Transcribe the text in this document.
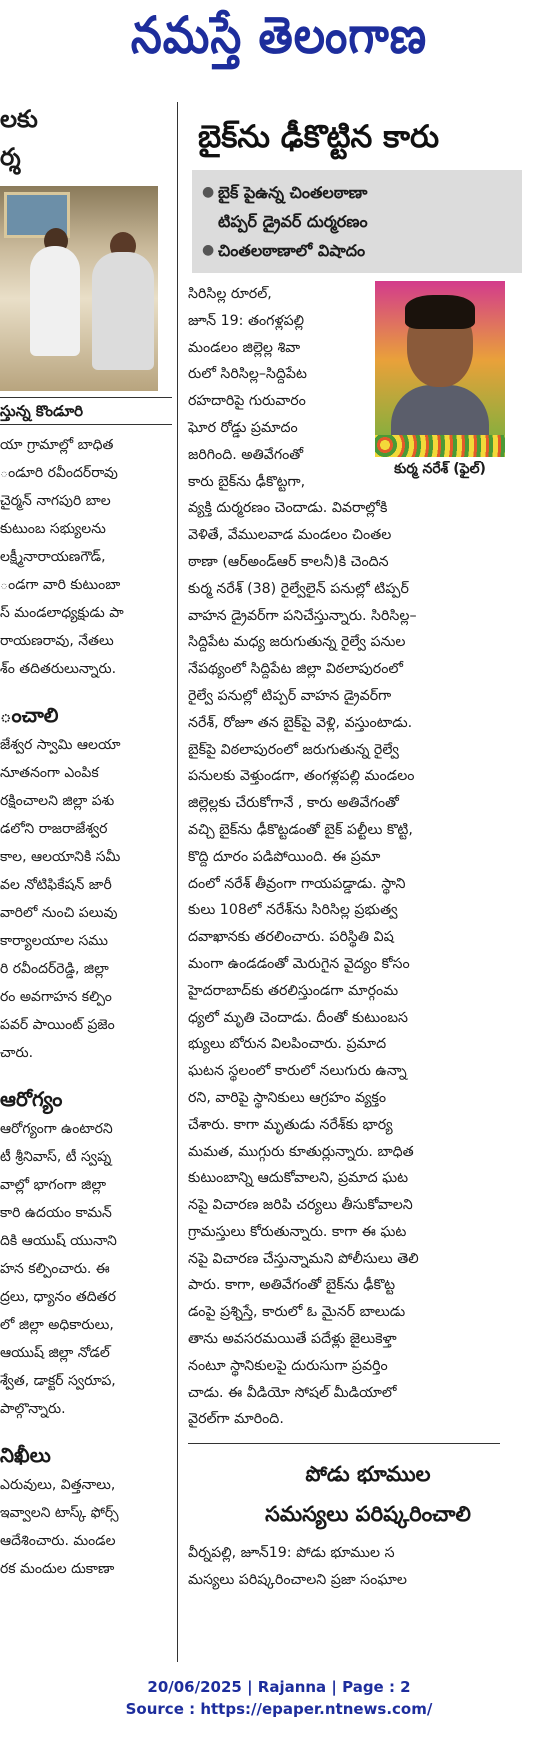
నమస్తే తెలంగాణ

లకు

ర్శ

స్తున్న కొండూరి

యా గ్రామాల్లో బాధిత

ండూరి రవీందర్‌రావు

చైర్మన్ నాగపురి బాల

కుటుంబ సభ్యులను

లక్ష్మీనారాయణగౌడ్,

ండగా వారి కుటుంబా

స్ మండలాధ్యక్షుడు పా

రాయణరావు, నేతలు

శ్‌ం తదితరులున్నారు.

ంచాలి

జేశ్వర స్వామి ఆలయా

నూతనంగా ఎంపిక

రక్షించాలని జిల్లా పశు

డలోని రాజరాజేశ్వర

కాల, ఆలయానికి సమీ

వల నోటిఫికేషన్ జారీ

వారిలో నుంచి పలువు

కార్యాలయాల సము

రి రవీందర్‌రెడ్డి, జిల్లా

రం అవగాహన కల్పిం

పవర్ పాయింట్ ప్రజెం

చారు.

ఆరోగ్యం

ఆరోగ్యంగా ఉంటారని

టీ శ్రీనివాస్, టీ స్వప్న

వాల్లో భాగంగా జిల్లా

కారి ఉదయం కామన్

దికి ఆయుష్ యునాని

హన కల్పించారు. ఈ

ద్రలు, ధ్యానం తదితర

లో జిల్లా అధికారులు,

ఆయుష్ జిల్లా నోడల్

శ్వేత, డాక్టర్ స్వరూప,

పాల్గొన్నారు.

నిఖీలు

ఎరువులు, విత్తనాలు,

ఇవ్వాలని టాస్క్ ఫోర్స్

ఆదేశించారు. మండల

రక మందుల దుకాణా

బైక్‌ను ఢీకొట్టిన కారు
● బైక్ పైఉన్న చింతలఠాణా
టిప్పర్ డ్రైవర్ దుర్మరణం
● చింతలఠాణాలో విషాదం
కుర్మ నరేశ్ (ఫైల్)

సిరిసిల్ల రూరల్,

జూన్ 19: తంగళ్లపల్లి

మండలం జిల్లెల్ల శివా

రులో సిరిసిల్ల–సిద్దిపేట

రహదారిపై గురువారం

ఘోర రోడ్డు ప్రమాదం

జరిగింది. అతివేగంతో

కారు బైక్‌ను ఢీకొట్టగా,

వ్యక్తి దుర్మరణం చెందాడు. వివరాల్లోకి

వెళితే, వేములవాడ మండలం చింతల

ఠాణా (ఆర్‌అండ్‌ఆర్ కాలనీ)కి చెందిన

కుర్మ నరేశ్ (38) రైల్వేలైన్ పనుల్లో టిప్పర్

వాహన డ్రైవర్‌గా పనిచేస్తున్నారు. సిరిసిల్ల–

సిద్దిపేట మధ్య జరుగుతున్న రైల్వే పనుల

నేపథ్యంలో సిద్దిపేట జిల్లా విఠలాపురంలో

రైల్వే పనుల్లో టిప్పర్ వాహన డ్రైవర్‌గా

నరేశ్, రోజూ తన బైక్‌పై వెళ్లి, వస్తుంటాడు.

బైక్‌పై విఠలాపురంలో జరుగుతున్న రైల్వే

పనులకు వెళ్తుండగా, తంగళ్లపల్లి మండలం

జిల్లెల్లకు చేరుకోగానే , కారు అతివేగంతో

వచ్చి బైక్‌ను ఢీకొట్టడంతో బైక్ పల్టీలు కొట్టి,

కొద్ది దూరం పడిపోయింది. ఈ ప్రమా

దంలో నరేశ్ తీవ్రంగా గాయపడ్డాడు. స్థాని

కులు 108లో నరేశ్‌ను సిరిసిల్ల ప్రభుత్వ

దవాఖానకు తరలించారు. పరిస్థితి విష

మంగా ఉండడంతో మెరుగైన వైద్యం కోసం

హైదరాబాద్‌కు తరలిస్తుండగా మార్గంమ

ధ్యలో మృతి చెందాడు. దీంతో కుటుంబస

భ్యులు బోరున విలపించారు. ప్రమాద

ఘటన స్థలంలో కారులో నలుగురు ఉన్నా

రని, వారిపై స్థానికులు ఆగ్రహం వ్యక్తం

చేశారు. కాగా మృతుడు నరేశ్‌కు భార్య

మమత, ముగ్గురు కూతుర్లున్నారు. బాధిత

కుటుంబాన్ని ఆదుకోవాలని, ప్రమాద ఘట

నపై విచారణ జరిపి చర్యలు తీసుకోవాలని

గ్రామస్తులు కోరుతున్నారు. కాగా ఈ ఘట

నపై విచారణ చేస్తున్నామని పోలీసులు తెలి

పారు. కాగా, అతివేగంతో బైక్‌ను ఢీకొట్ట

డంపై ప్రశ్నిస్తే, కారులో ఓ మైనర్ బాలుడు

తాను అవసరమయితే పదేళ్లు జైలుకెళ్తా

నంటూ స్థానికులపై దురుసుగా ప్రవర్తిం

చాడు. ఈ వీడియో సోషల్ మీడియాలో

వైరల్‌గా మారింది.

పోడు భూముల
సమస్యలు పరిష్కరించాలి

వీర్నపల్లి, జూన్19: పోడు భూముల స

మస్యలు పరిష్కరించాలని ప్రజా సంఘాల

20/06/2025 | Rajanna | Page : 2
Source : https://epaper.ntnews.com/
